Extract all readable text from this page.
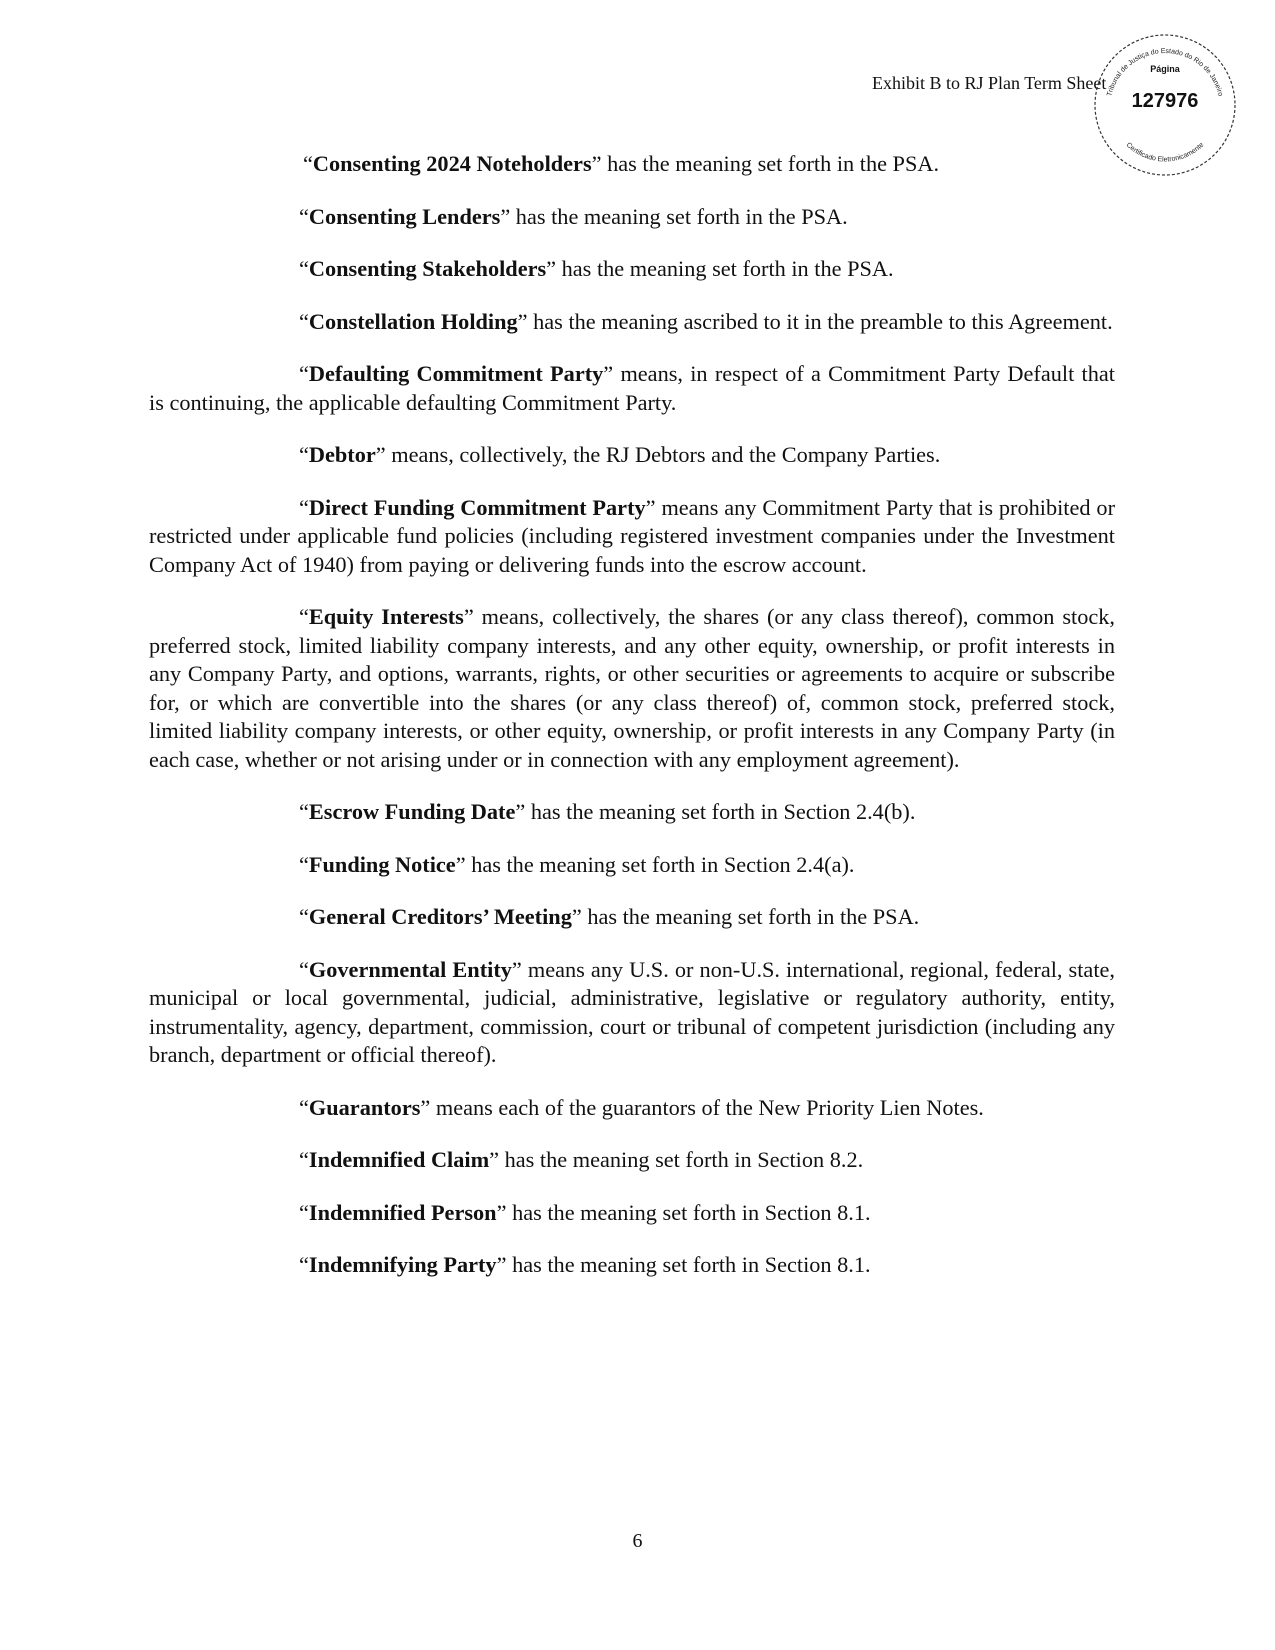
Exhibit B to RJ Plan Term Sheet
Tribunal de Justiça do Estado do Rio de Janeiro
Certificado Eletronicamente
Página
127976

“Consenting 2024 Noteholders” has the meaning set forth in the PSA.

“Consenting Lenders” has the meaning set forth in the PSA.

“Consenting Stakeholders” has the meaning set forth in the PSA.

“Constellation Holding” has the meaning ascribed to it in the preamble to this Agreement.

“Defaulting Commitment Party” means, in respect of a Commitment Party Default that is continuing, the applicable defaulting Commitment Party.

“Debtor” means, collectively, the RJ Debtors and the Company Parties.

“Direct Funding Commitment Party” means any Commitment Party that is prohibited or restricted under applicable fund policies (including registered investment companies under the Investment Company Act of 1940) from paying or delivering funds into the escrow account.

“Equity Interests” means, collectively, the shares (or any class thereof), common stock, preferred stock, limited liability company interests, and any other equity, ownership, or profit interests in any Company Party, and options, warrants, rights, or other securities or agreements to acquire or subscribe for, or which are convertible into the shares (or any class thereof) of, common stock, preferred stock, limited liability company interests, or other equity, ownership, or profit interests in any Company Party (in each case, whether or not arising under or in connection with any employment agreement).

“Escrow Funding Date” has the meaning set forth in Section 2.4(b).

“Funding Notice” has the meaning set forth in Section 2.4(a).

“General Creditors’ Meeting” has the meaning set forth in the PSA.

“Governmental Entity” means any U.S. or non-U.S. international, regional, federal, state, municipal or local governmental, judicial, administrative, legislative or regulatory authority, entity, instrumentality, agency, department, commission, court or tribunal of competent jurisdiction (including any branch, department or official thereof).

“Guarantors” means each of the guarantors of the New Priority Lien Notes.

“Indemnified Claim” has the meaning set forth in Section 8.2.

“Indemnified Person” has the meaning set forth in Section 8.1.

“Indemnifying Party” has the meaning set forth in Section 8.1.

6
